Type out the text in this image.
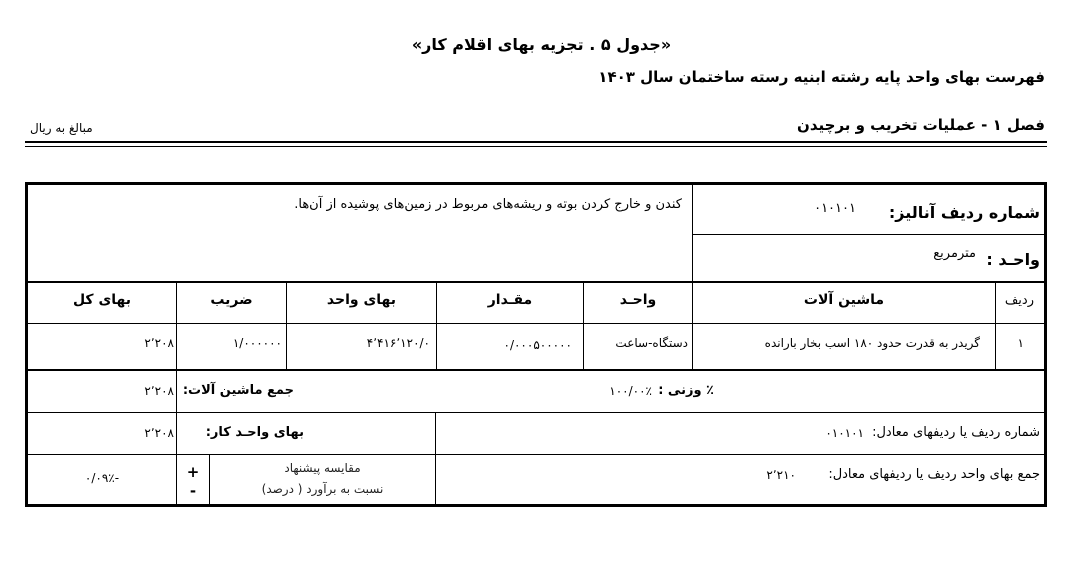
«جدول ۵ . تجزیه بهای اقلام کار»
فهرست بهای واحد پایه رشته ابنیه رسته ساختمان سال ۱۴۰۳
فصل ۱ - عملیات تخریب و برچیدن
مبالغ به ریال
شماره ردیف آنالیز:
۰۱۰۱۰۱
کندن و خارج کردن بوته و ریشه‌های مربوط در زمین‌های پوشیده از آن‌ها.
واحـد :
مترمربع
ردیف
ماشین آلات
واحـد
مقـدار
بهای واحد
ضریب
بهای کل
۱
گریدر به قدرت حدود ۱۸۰ اسب بخار بارانده
دستگاه-ساعت
۰/۰۰۰۵۰۰۰۰۰
۴٬۴۱۶٬۱۲۰/۰
۱/۰۰۰۰۰۰
۲٬۲۰۸
٪ وزنی :
۱۰۰/۰۰٪
جمع ماشین آلات:
۲٬۲۰۸
شماره ردیف یا ردیفهای معادل:
۰۱۰۱۰۱
بهای واحـد کار:
۲٬۲۰۸
جمع بهای واحد ردیف یا ردیفهای معادل:
۲٬۲۱۰
مقایسه پیشنهاد
نسبت به برآورد ( درصد)
+
-
-۰/۰۹٪
